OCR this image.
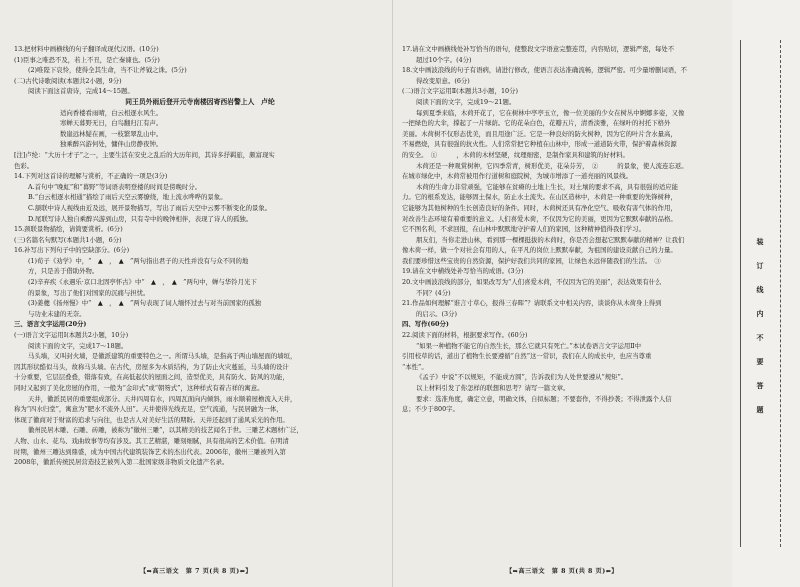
13.把材料中画横线的句子翻译成现代汉语。(10分)
(1)臣事之唯恐不及，若上不丑，是亡秦谏也。(5分)
(2)唯陛下哀怜，使得全其生命，当不让斧钺之诛。(5分)
(二)古代诗歌阅读(本题共2小题，9分)
阅读下面这首唐诗，完成14～15题。
同王员外雨后登开元寺南楼因寄西岩警上人　卢纶
适向香楼看雨晴，白云相逐水风生。
寒蝉天暮野无日，白鸟翻归江有声。
数崖远林疑在画，一枝繁翠乱山中。
独乘醉兴游何处，慵伴山房静夜钟。
[注]卢纶：“大历十才子”之一，主要生活在安史之乱后的大历年间，其诗多抒羁旅，颇富现实
色彩。
14.下列对这首诗的理解与赏析，不正确的一项是(3分)
A.首句中“晚虹”和“暮野”等词语表明登楼的时间是傍晚时分。
B.“白云相逐水相通”描绘了雨后天空云雾缭绕，地上流水哗哗的景象。
C.颔联中诗人视线由近及远，展开景物描写，写出了雨后天空中云雾不断变化的景象。
D.尾联写诗人独自乘醉兴游到山房，只有寺中的晚钟相伴，表现了诗人的孤独。
15.颈联景物描绘，请简要赏析。(6分)
(三)名篇名句默写(本题共1小题，6分)
16.补写出下列句子中的空缺部分。(6分)
(1)荀子《劝学》中，“　▲　，　▲　”两句指出君子的天性并没有与众不同的地
方，只是善于借助外物。
(2)辛弃疾《永遇乐·京口北固亭怀古》中“　▲　，　▲　”两句中，蝉与华铃月光下
的景象，写出了他们对国家的沉痛与担忧。
(3)姜夔《扬州慢》中“　▲　，　▲　”两句表现了词人缅怀过去与对当前国家的孤独
与功业未建的无奈。
三、语言文字运用(20分)
(一)语言文字运用Ⅰ(本题共2小题，10分)
阅读下面的文字，完成17～18题。
马头墙，又叫封火墙，是徽派建筑的重要特色之一。所谓马头墙，是指高于两山墙屋面的墙垣，
因其形状酷似马头，故称马头墙。在古代，房屋多为木质结构，为了防止火灾蔓延，马头墙的设计
十分重要，它层层叠叠，错落有致，在高低起伏的屋面之间，造型优美，具有防火、防风的功能，
同时又起到了美化房屋的作用，一般为“金印式”或“朝笏式”，这种样式有着吉祥的寓意。
天井，徽派民居的重要组成部分。天井四周有水，四周瓦面向内倾斜，雨水顺着屋檐流入天井，
称为“四水归堂”，寓意为“肥水不流外人田”。天井使得光线充足，空气流通，与民居融为一体，
体现了徽商对于财富的追求与向往，也是古人对美好生活的期盼。天井还起到了通风采光的作用。
徽州民居木雕、石雕、砖雕，被称为“徽州三雕”，以其精美的技艺闻名于世。三雕艺术题材广泛，
人物、山水、花鸟、戏曲故事等均有涉及。其工艺精湛，雕刻细腻，具有很高的艺术价值。在明清
时期，徽州三雕达到鼎盛，成为中国古代建筑装饰艺术的杰出代表。2006年，徽州三雕被列入第
2008年，徽派传统民居营造技艺被列入第二批国家级非物质文化遗产名录。
【➡高三语文　第 7 页(共 8 页)⬅】
17.请在文中画横线处补写恰当的语句，使整段文字语意完整连贯，内容贴切，逻辑严密，每处不
超过10个字。(4分)
18.文中画波浪线的句子有语病，请进行修改，使语言表达准确流畅，逻辑严密。可少量增删词语，不
得改变原意。(6分)
(二)语言文字运用Ⅱ(本题共3小题，10分)
阅读下面的文字，完成19～21题。
每到夏季来临，木荷开花了，它在树林中亭亭玉立，像一位美丽的少女在树丛中婀娜多姿，又像
一把绿色的大伞，撑起了一片绿荫。它的花朵白色，花瓣五片，清香淡雅，在绿叶的衬托下格外
美丽。木荷树不仅形态优美，而且用途广泛。它是一种良好的防火树种，因为它的叶片含水量高，
不易燃烧，具有很强的抗火性。人们常常把它种植在山林中，形成一道道防火带，保护着森林资源
的安全。　①　　　，木荷的木材坚硬，纹理细密，是制作家具和建筑的好材料。
木荷还是一种观赏树种，它四季常青，树形优美，花朵芬芳，　②　　　的景象，使人流连忘返。
在城市绿化中，木荷常被用作行道树和庭院树，为城市增添了一道亮丽的风景线。
木荷的生命力非常顽强，它能够在贫瘠的土地上生长，对土壤的要求不高，具有很强的适应能
力。它的根系发达，能够固土保水，防止水土流失。在山区造林中，木荷是一种重要的先锋树种，
它能够为其他树种的生长创造良好的条件。同时，木荷树还具有净化空气、吸收有害气体的作用，
对改善生态环境有着重要的意义。人们喜爱木荷，不仅因为它的美丽，更因为它默默奉献的品格。
它不图名利，不求回报，在山林中默默地守护着人们的家园，这种精神值得我们学习。
朋友们，当你走进山林，看到那一棵棵挺拔的木荷时，你是否会想起它默默奉献的精神？让我们
像木荷一样，做一个对社会有用的人，在平凡的岗位上默默奉献，为祖国的建设贡献自己的力量。
我们要珍惜这些宝贵的自然资源，保护好我们共同的家园，让绿色永远伴随我们的生活。　③　
19.请在文中横线处补写恰当的成语。(3分)
20.文中画波浪线的部分，如果改写为“人们喜爱木荷，不仅因为它的美丽”，表达效果有什么
不同？(4分)
21.作品如何理解“谁言寸草心，报得三春晖”？请联系文中相关内容，谈谈你从木荷身上得到
的启示。(3分)
四、写作(60分)
22.阅读下面的材料，根据要求写作。(60分)
“如果一种植物不能它的自然生长，那么它就只有死亡。”本试卷语言文字运用Ⅱ中
引用校草的话，道出了植物生长要遵循“自然”这一常识，我们在人的成长中，也应当尊重
“本性”。
《孟子》中说“不以规矩，不能成方圆”，告诉我们为人处世要遵从“规矩”。
以上材料引发了你怎样的联想和思考？请写一篇文章。
要求：选准角度，确定立意，明确文体，自拟标题；不要套作，不得抄袭；不得泄露个人信
息；不少于800字。
【➡高三语文　第 8 页(共 8 页)⬅】
装
订
线
内
不
要
答
题
